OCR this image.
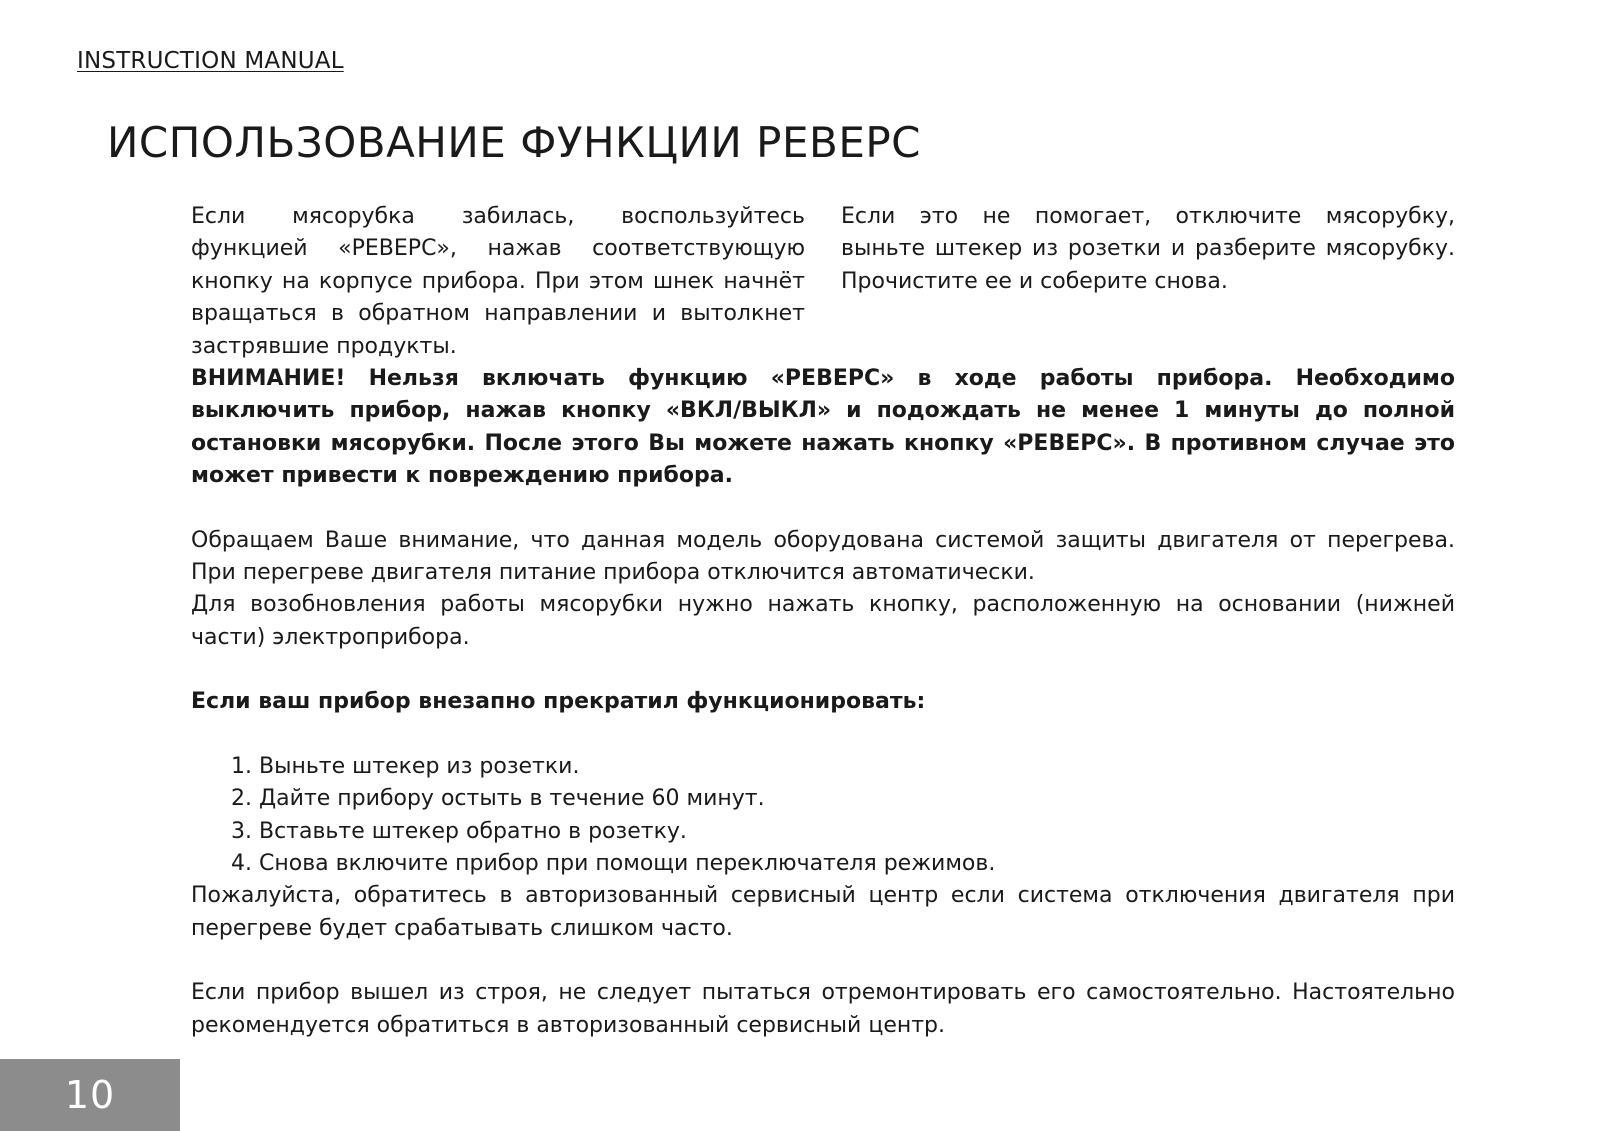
INSTRUCTION MANUAL
ИСПОЛЬЗОВАНИЕ ФУНКЦИИ РЕВЕРС

Если мясорубка забилась, воспользуйтесь функцией «РЕВЕРС», нажав соответствующую кнопку на корпусе прибора. При этом шнек начнёт вращаться в обратном направлении и вытолкнет застрявшие продукты.

Если это не помогает, отключите мясорубку, выньте штекер из розетки и разберите мясорубку. Прочистите ее и соберите снова.

ВНИМАНИЕ! Нельзя включать функцию «РЕВЕРС» в ходе работы прибора. Необходимо выключить прибор, нажав кнопку «ВКЛ/ВЫКЛ» и подождать не менее 1 минуты до полной остановки мясорубки. После этого Вы можете нажать кнопку «РЕВЕРС». В противном случае это может привести к повреждению прибора.

Обращаем Ваше внимание, что данная модель оборудована системой защиты двигателя от перегрева. При перегреве двигателя питание прибора отключится автоматически.

Для возобновления работы мясорубки нужно нажать кнопку, расположенную на основании (нижней части) электроприбора.

Если ваш прибор внезапно прекратил функционировать:

1. Выньте штекер из розетки.
2. Дайте прибору остыть в течение 60 минут.
3. Вставьте штекер обратно в розетку.
4. Снова включите прибор при помощи переключателя режимов.

Пожалуйста, обратитесь в авторизованный сервисный центр если система отключения двигателя при перегреве будет срабатывать слишком часто.

Если прибор вышел из строя, не следует пытаться отремонтировать его самостоятельно. Настоятельно рекомендуется обратиться в авторизованный сервисный центр.

10
